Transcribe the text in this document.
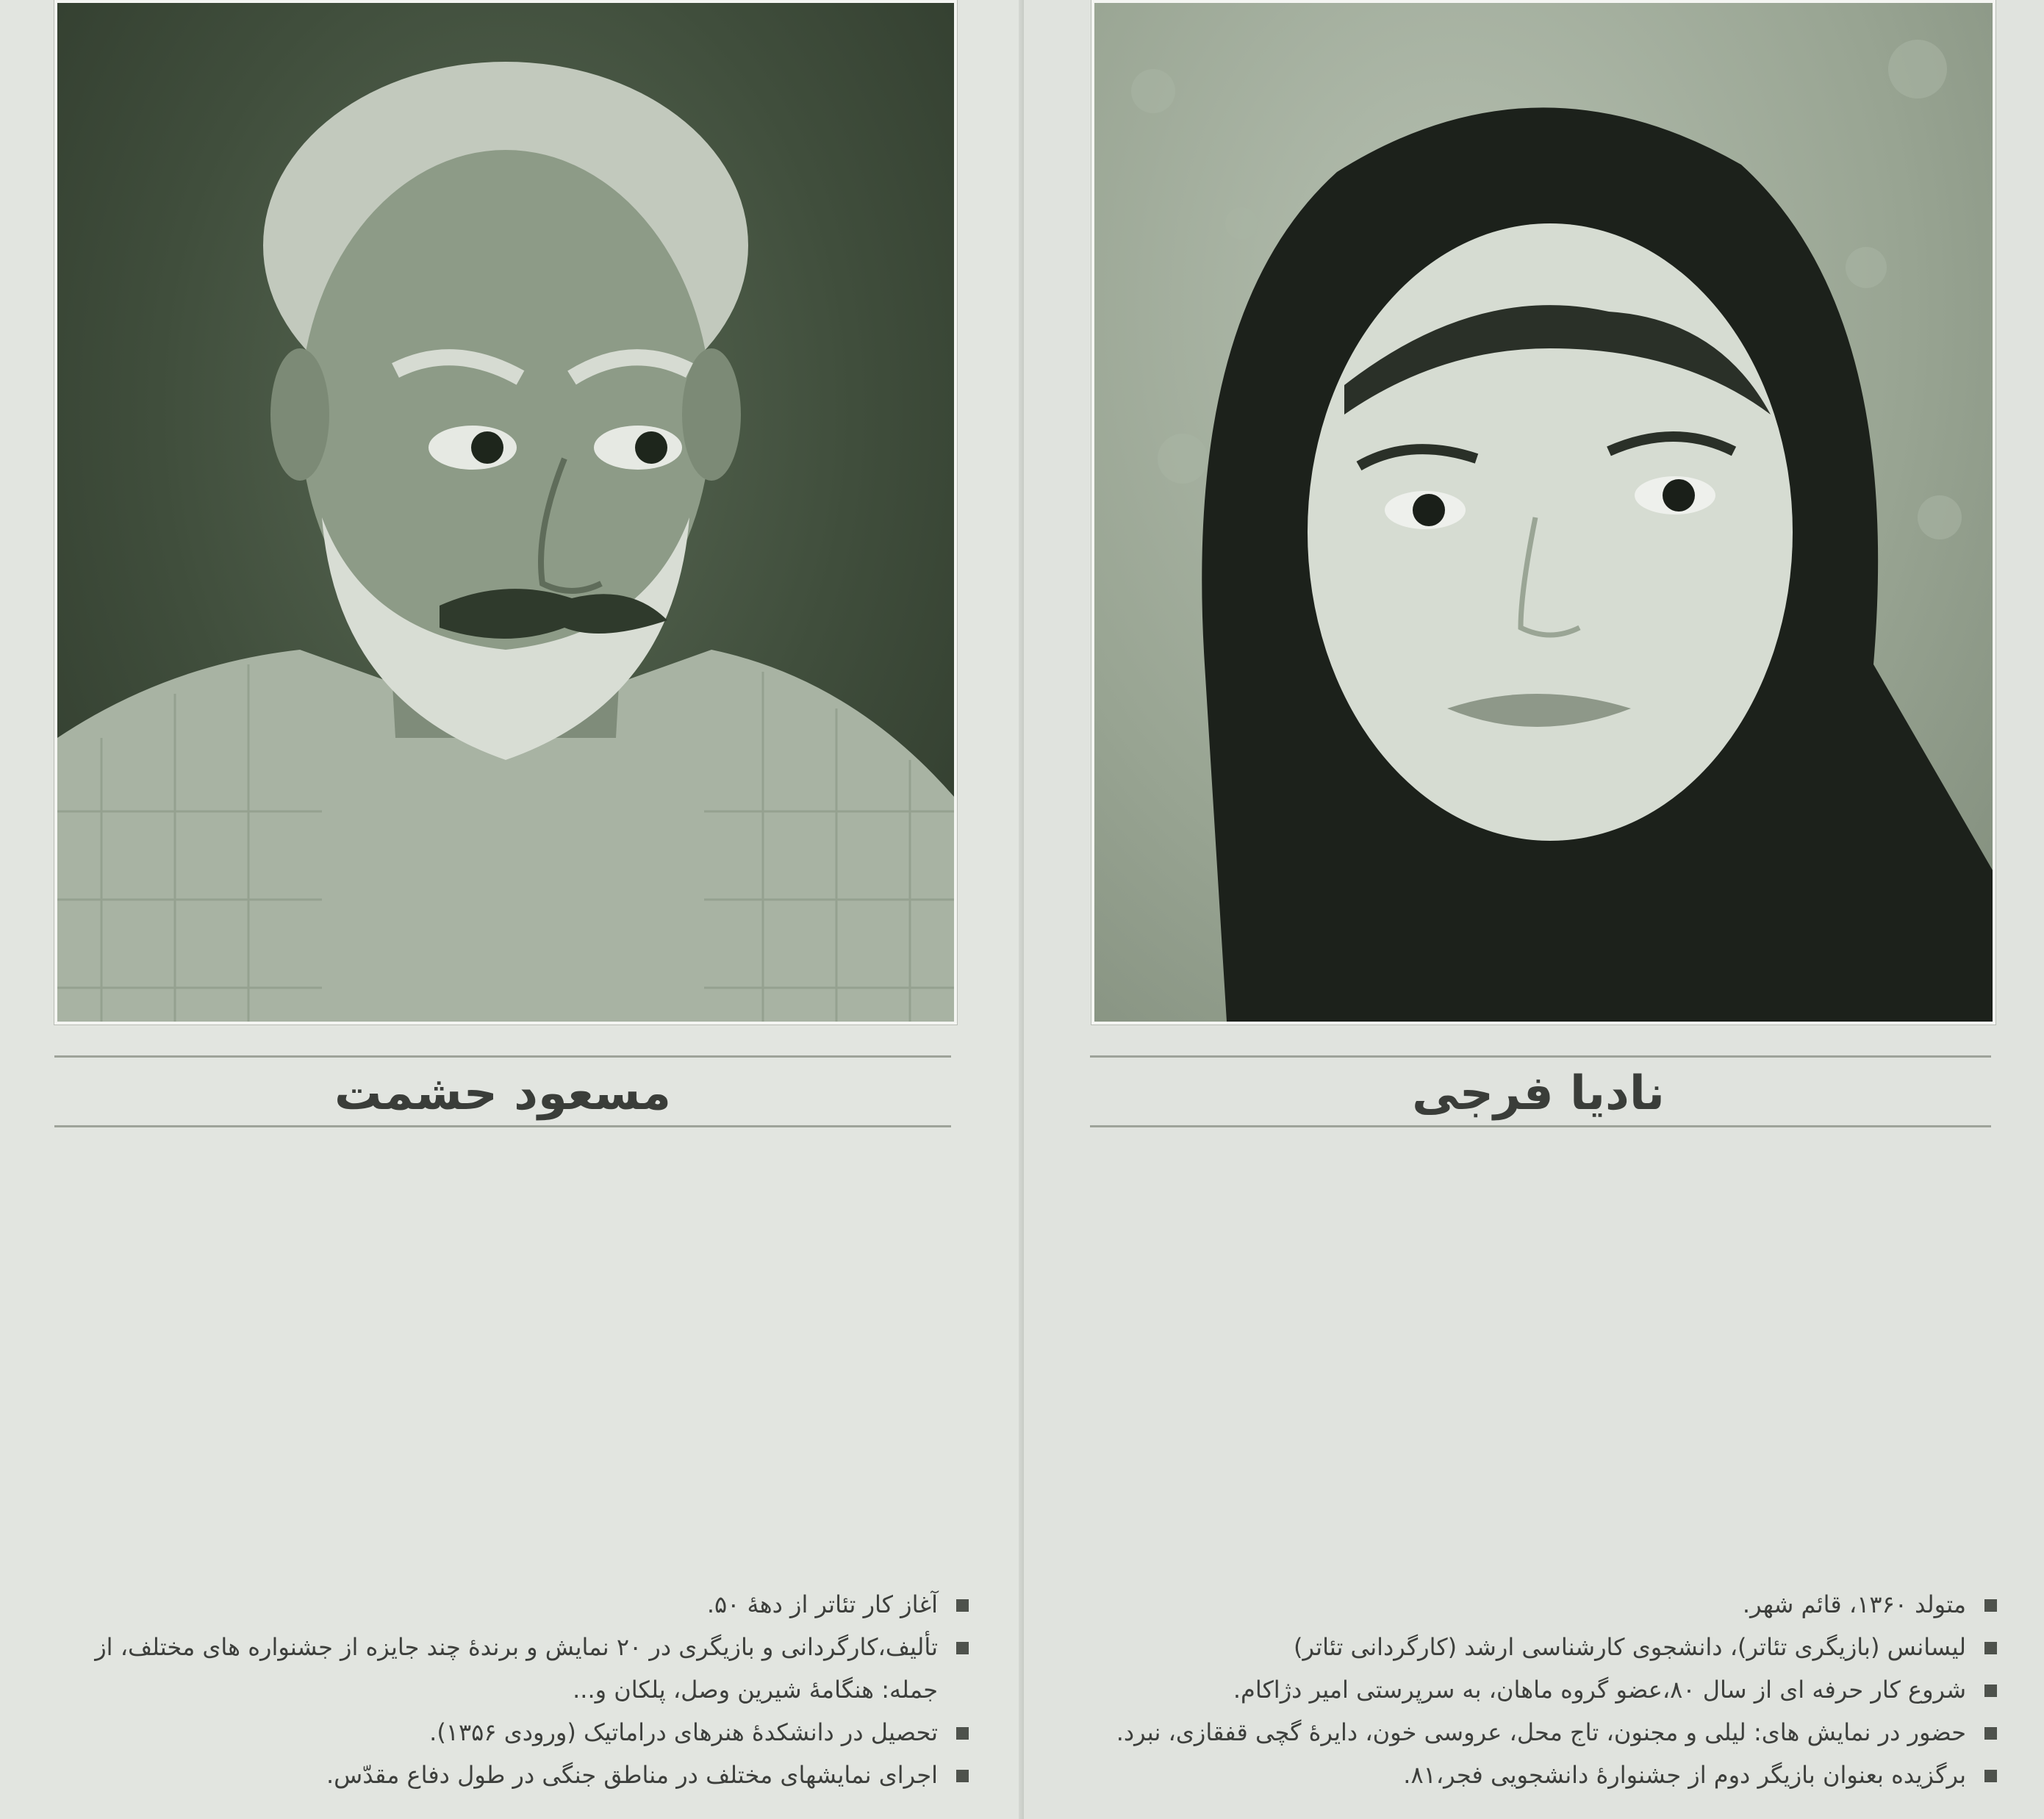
مسعود حشمت
آغاز کار تئاتر از دهۀ ۵۰.
تألیف،کارگردانی و بازیگری در ۲۰ نمایش و برندۀ چند جایزه از جشنواره های مختلف، از جمله: هنگامۀ شیرین وصل، پلکان و...
تحصیل در دانشکدۀ هنرهای دراماتیک (ورودی ۱۳۵۶).
اجرای نمایشهای مختلف در مناطق جنگی در طول دفاع مقدّس.
نادیا فرجی
متولد ۱۳۶۰، قائم شهر.
لیسانس (بازیگری تئاتر)، دانشجوی کارشناسی ارشد (کارگردانی تئاتر)
شروع کار حرفه ای از سال ۸۰،عضو گروه ماهان، به سرپرستی امیر دژاکام.
حضور در نمایش های: لیلی و مجنون، تاج محل، عروسی خون، دایرۀ گچی قفقازی، نبرد.
برگزیده بعنوان بازیگر دوم از جشنوارۀ دانشجویی فجر،۸۱.
